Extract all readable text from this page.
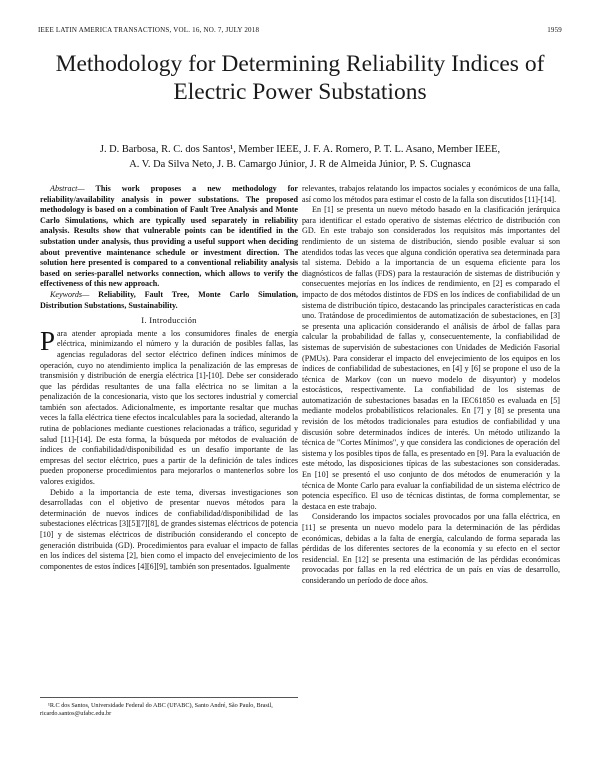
IEEE LATIN AMERICA TRANSACTIONS, VOL. 16, NO. 7, JULY 2018	1959
Methodology for Determining Reliability Indices of
Electric Power Substations
J. D. Barbosa, R. C. dos Santos¹, Member IEEE, J. F. A. Romero, P. T. L. Asano, Member IEEE,
A. V. Da Silva Neto, J. B. Camargo Júnior, J. R de Almeida Júnior, P. S. Cugnasca

Abstract— This work proposes a new methodology for reliability/availability analysis in power substations. The proposed methodology is based on a combination of Fault Tree Analysis and Monte Carlo Simulations, which are typically used separately in reliability analysis. Results show that vulnerable points can be identified in the substation under analysis, thus providing a useful support when deciding about preventive maintenance schedule or investment direction. The solution here presented is compared to a conventional reliability analysis based on series-parallel networks connection, which allows to verify the effectiveness of this new approach.

Keywords— Reliability, Fault Tree, Monte Carlo Simulation, Distribution Substations, Sustainability.

I. Introducción

Para atender apropiada mente a los consumidores finales de energía eléctrica, minimizando el número y la duración de posibles fallas, las agencias reguladoras del sector eléctrico definen índices mínimos de operación, cuyo no atendimiento implica la penalización de las empresas de transmisión y distribución de energía eléctrica [1]-[10]. Debe ser considerado que las pérdidas resultantes de una falla eléctrica no se limitan a la penalización de la concesionaria, visto que los sectores industrial y comercial también son afectados. Adicionalmente, es importante resaltar que muchas veces la falla eléctrica tiene efectos incalculables para la sociedad, alterando la rutina de poblaciones mediante cuestiones relacionadas a tráfico, seguridad y salud [11]-[14]. De esta forma, la búsqueda por métodos de evaluación de índices de confiabilidad/disponibilidad es un desafío importante de las empresas del sector eléctrico, pues a partir de la definición de tales índices pueden proponerse procedimientos para mejorarlos o mantenerlos sobre los valores exigidos.

Debido a la importancia de este tema, diversas investigaciones son desarrolladas con el objetivo de presentar nuevos métodos para la determinación de nuevos índices de confiabilidad/disponibilidad de las subestaciones eléctricas [3][5][7][8], de grandes sistemas eléctricos de potencia [10] y de sistemas eléctricos de distribución considerando el concepto de generación distribuida (GD). Procedimientos para evaluar el impacto de fallas en los índices del sistema [2], bien como el impacto del envejecimiento de los componentes de estos índices [4][6][9], también son presentados. Igualmente

relevantes, trabajos relatando los impactos sociales y económicos de una falla, así como los métodos para estimar el costo de la falla son discutidos [11]-[14].

En [1] se presenta un nuevo método basado en la clasificación jerárquica para identificar el estado operativo de sistemas eléctrico de distribución con GD. En este trabajo son considerados los requisitos más importantes del rendimiento de un sistema de distribución, siendo posible evaluar si son atendidos todas las veces que alguna condición operativa sea determinada para tal sistema. Debido a la importancia de un esquema eficiente para los diagnósticos de fallas (FDS) para la restauración de sistemas de distribución y consecuentes mejorías en los índices de rendimiento, en [2] es comparado el impacto de dos métodos distintos de FDS en los índices de confiabilidad de un sistema de distribución típico, destacando las principales características en cada uno. Tratándose de procedimientos de automatización de subestaciones, en [3] se presenta una aplicación considerando el análisis de árbol de fallas para calcular la probabilidad de fallas y, consecuentemente, la confiabilidad de sistemas de supervisión de subestaciones con Unidades de Medición Fasorial (PMUs). Para considerar el impacto del envejecimiento de los equipos en los índices de confiabilidad de subestaciones, en [4] y [6] se propone el uso de la técnica de Markov (con un nuevo modelo de disyuntor) y modelos estocásticos, respectivamente. La confiabilidad de los sistemas de automatización de subestaciones basadas en la IEC61850 es evaluada en [5] mediante modelos probabilísticos relacionales. En [7] y [8] se presenta una revisión de los métodos tradicionales para estudios de confiabilidad y una discusión sobre determinados índices de interés. Un método utilizando la técnica de "Cortes Mínimos", y que considera las condiciones de operación del sistema y los posibles tipos de falla, es presentado en [9]. Para la evaluación de este método, las disposiciones típicas de las subestaciones son consideradas. En [10] se presentó el uso conjunto de dos métodos de enumeración y la técnica de Monte Carlo para evaluar la confiabilidad de un sistema eléctrico de potencia específico. El uso de técnicas distintas, de forma complementar, se destaca en este trabajo.

Considerando los impactos sociales provocados por una falla eléctrica, en [11] se presenta un nuevo modelo para la determinación de las pérdidas económicas, debidas a la falta de energía, calculando de forma separada las pérdidas de los diferentes sectores de la economía y su efecto en el sector residencial. En [12] se presenta una estimación de las pérdidas económicas provocadas por fallas en la red eléctrica de un país en vías de desarrollo, considerando un período de doce años.

¹R.C dos Santos, Universidade Federal do ABC (UFABC), Santo André, São Paulo, Brasil, ricardo.santos@ufabc.edu.br
